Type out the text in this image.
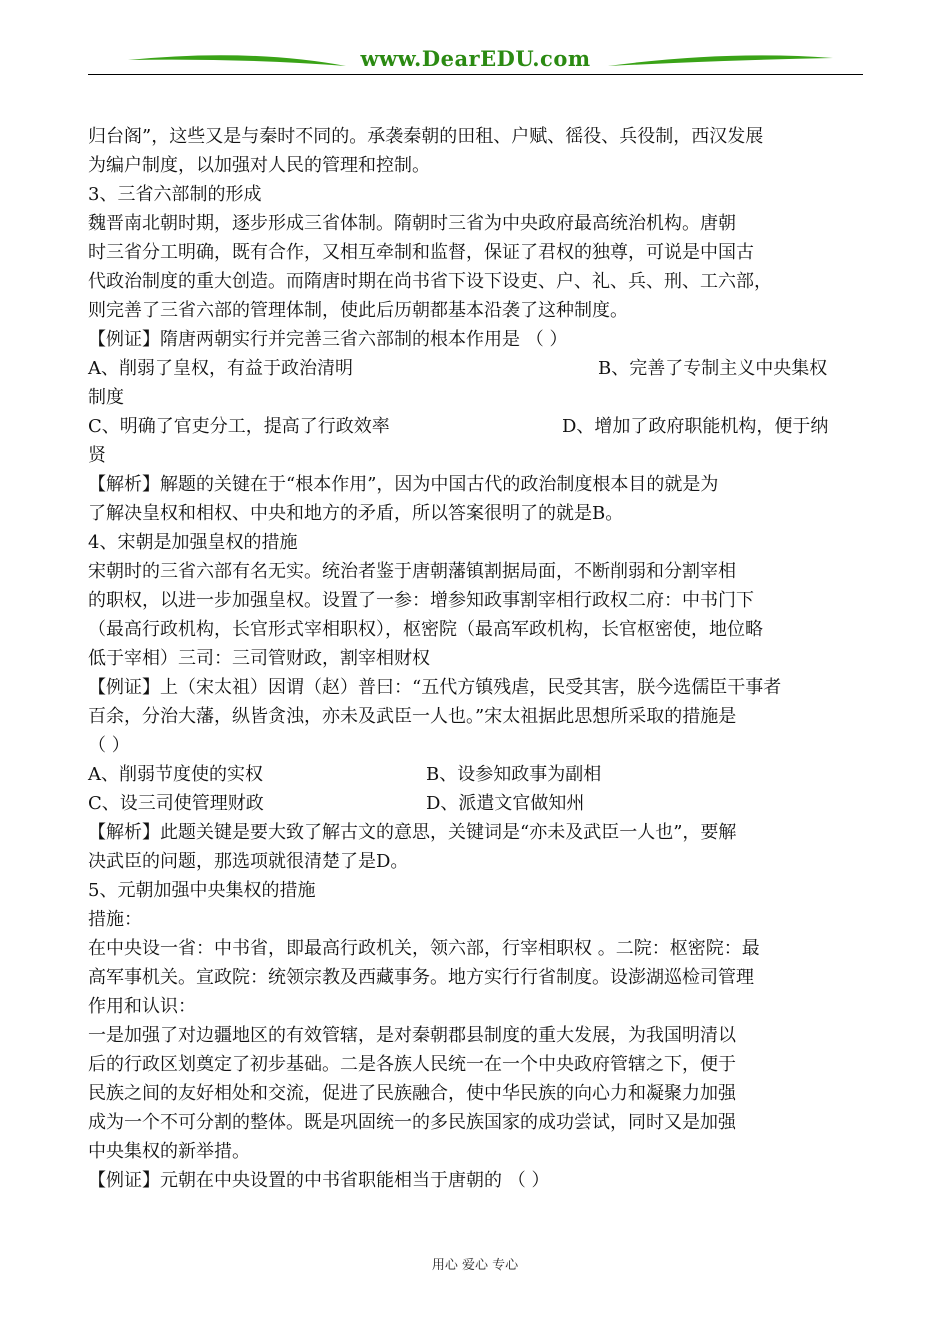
www.DearEDU.com
归台阁”，这些又是与秦时不同的。承袭秦朝的田租、户赋、徭役、兵役制，西汉发展
为编户制度，以加强对人民的管理和控制。
3、三省六部制的形成
魏晋南北朝时期，逐步形成三省体制。隋朝时三省为中央政府最高统治机构。唐朝
时三省分工明确，既有合作，又相互牵制和监督，保证了君权的独尊，可说是中国古
代政治制度的重大创造。而隋唐时期在尚书省下设下设吏、户、礼、兵、刑、工六部，
则完善了三省六部的管理体制，使此后历朝都基本沿袭了这种制度。
【例证】隋唐两朝实行并完善三省六部制的根本作用是 （ ）
A、削弱了皇权，有益于政治清明	B、完善了专制主义中央集权
制度
C、明确了官吏分工，提高了行政效率	D、增加了政府职能机构，便于纳
贤
【解析】解题的关键在于“根本作用”，因为中国古代的政治制度根本目的就是为
了解决皇权和相权、中央和地方的矛盾，所以答案很明了的就是B。
4、宋朝是加强皇权的措施
宋朝时的三省六部有名无实。统治者鉴于唐朝藩镇割据局面，不断削弱和分割宰相
的职权，以进一步加强皇权。设置了一参：增参知政事割宰相行政权二府：中书门下
（最高行政机构，长官形式宰相职权），枢密院（最高军政机构，长官枢密使，地位略
低于宰相）三司：三司管财政，割宰相财权
【例证】上（宋太祖）因谓（赵）普曰：“五代方镇残虐，民受其害，朕今选儒臣干事者
百余，分治大藩，纵皆贪浊，亦未及武臣一人也。”宋太祖据此思想所采取的措施是
（ ）
A、削弱节度使的实权	B、设参知政事为副相
C、设三司使管理财政	D、派遣文官做知州
【解析】此题关键是要大致了解古文的意思，关键词是“亦未及武臣一人也”，要解
决武臣的问题，那选项就很清楚了是D。
5、元朝加强中央集权的措施
措施：
在中央设一省：中书省，即最高行政机关，领六部，行宰相职权 。二院：枢密院：最
高军事机关。宣政院：统领宗教及西藏事务。地方实行行省制度。设澎湖巡检司管理
作用和认识：
一是加强了对边疆地区的有效管辖，是对秦朝郡县制度的重大发展，为我国明清以
后的行政区划奠定了初步基础。二是各族人民统一在一个中央政府管辖之下，便于
民族之间的友好相处和交流，促进了民族融合，使中华民族的向心力和凝聚力加强
成为一个不可分割的整体。既是巩固统一的多民族国家的成功尝试，同时又是加强
中央集权的新举措。
【例证】元朝在中央设置的中书省职能相当于唐朝的 （ ）
用心 爱心 专心
